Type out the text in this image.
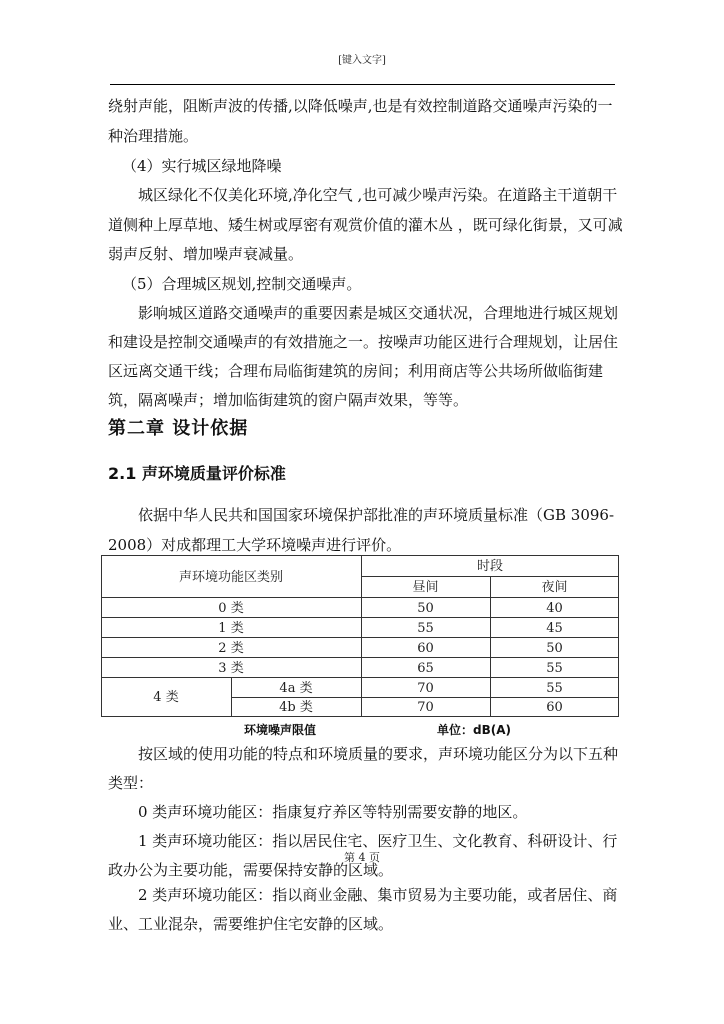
[键入文字]
绕射声能，阻断声波的传播,以降低噪声,也是有效控制道路交通噪声污染的一
种治理措施。
（4）实行城区绿地降噪
城区绿化不仅美化环境,净化空气 ,也可减少噪声污染。在道路主干道朝干
道侧种上厚草地、矮生树或厚密有观赏价值的灌木丛 ，既可绿化街景，又可减
弱声反射、增加噪声衰减量。
（5）合理城区规划,控制交通噪声。
影响城区道路交通噪声的重要因素是城区交通状况，合理地进行城区规划
和建设是控制交通噪声的有效措施之一。按噪声功能区进行合理规划，让居住
区远离交通干线；合理布局临街建筑的房间；利用商店等公共场所做临街建
筑，隔离噪声；增加临街建筑的窗户隔声效果，等等。
第二章 设计依据
2.1 声环境质量评价标准
依据中华人民共和国国家环境保护部批准的声环境质量标准（GB 3096-
2008）对成都理工大学环境噪声进行评价。
声环境功能区类别
时段
昼间	夜间
0 类	50	40
1 类	55	45
2 类	60	50
3 类	65	55
4 类
4a 类	70	55
4b 类	70	60
环境噪声限值	单位：dB(A)
按区域的使用功能的特点和环境质量的要求，声环境功能区分为以下五种
类型：
0 类声环境功能区：指康复疗养区等特别需要安静的地区。
1 类声环境功能区：指以居民住宅、医疗卫生、文化教育、科研设计、行
政办公为主要功能，需要保持安静的区域。
2 类声环境功能区：指以商业金融、集市贸易为主要功能，或者居住、商
业、工业混杂，需要维护住宅安静的区域。
第 4 页
